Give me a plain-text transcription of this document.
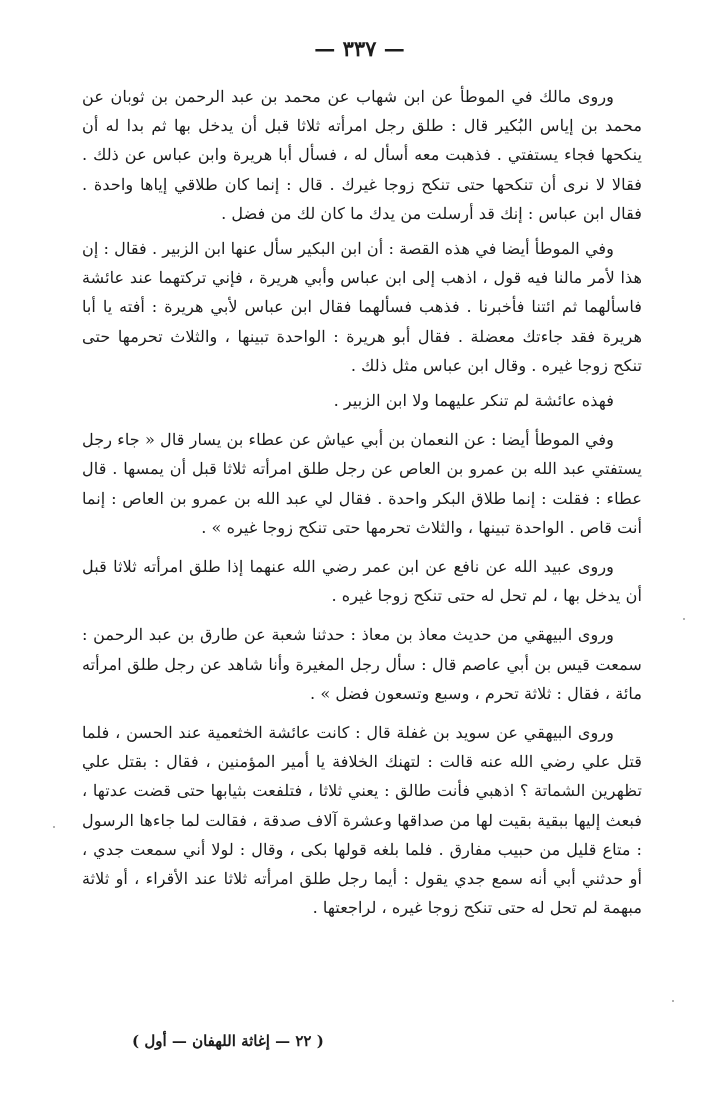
— ٣٣٧ —

وروى مالك في الموطأ عن ابن شهاب عن محمد بن عبد الرحمن بن ثوبان عن محمد بن إياس البُكير قال : طلق رجل امرأته ثلاثا قبل أن يدخل بها ثم بدا له أن ينكحها فجاء يستفتي . فذهبت معه أسأل له ، فسأل أبا هريرة وابن عباس عن ذلك . فقالا لا نرى أن تنكحها حتى تنكح زوجا غيرك . قال : إنما كان طلاقي إياها واحدة . فقال ابن عباس : إنك قد أرسلت من يدك ما كان لك من فضل .

وفي الموطأ أيضا في هذه القصة : أن ابن البكير سأل عنها ابن الزبير . فقال : إن هذا لأمر مالنا فيه قول ، اذهب إلى ابن عباس وأبي هريرة ، فإني تركتهما عند عائشة فاسألهما ثم ائتنا فأخبرنا . فذهب فسألهما فقال ابن عباس لأبي هريرة : أفته يا أبا هريرة فقد جاءتك معضلة . فقال أبو هريرة : الواحدة تبينها ، والثلاث تحرمها حتى تنكح زوجا غيره . وقال ابن عباس مثل ذلك .

فهذه عائشة لم تنكر عليهما ولا ابن الزبير .

وفي الموطأ أيضا : عن النعمان بن أبي عياش عن عطاء بن يسار قال « جاء رجل يستفتي عبد الله بن عمرو بن العاص عن رجل طلق امرأته ثلاثا قبل أن يمسها . قال عطاء : فقلت : إنما طلاق البكر واحدة . فقال لي عبد الله بن عمرو بن العاص : إنما أنت قاص . الواحدة تبينها ، والثلاث تحرمها حتى تنكح زوجا غيره » .

وروى عبيد الله عن نافع عن ابن عمر رضي الله عنهما إذا طلق امرأته ثلاثا قبل أن يدخل بها ، لم تحل له حتى تنكح زوجا غيره .

وروى البيهقي من حديث معاذ بن معاذ : حدثنا شعبة عن طارق بن عبد الرحمن : سمعت قيس بن أبي عاصم قال : سأل رجل المغيرة وأنا شاهد عن رجل طلق امرأته مائة ، فقال : ثلاثة تحرم ، وسبع وتسعون فضل » .

وروى البيهقي عن سويد بن غفلة قال : كانت عائشة الخثعمية عند الحسن ، فلما قتل علي رضي الله عنه قالت : لتهنك الخلافة يا أمير المؤمنين ، فقال : بقتل علي تظهرين الشماتة ؟ اذهبي فأنت طالق : يعني ثلاثا ، فتلفعت بثيابها حتى قضت عدتها ، فبعث إليها ببقية بقيت لها من صداقها وعشرة آلاف صدقة ، فقالت لما جاءها الرسول : متاع قليل من حبيب مفارق . فلما بلغه قولها بكى ، وقال : لولا أني سمعت جدي ، أو حدثني أبي أنه سمع جدي يقول : أيما رجل طلق امرأته ثلاثا عند الأقراء ، أو ثلاثة مبهمة لم تحل له حتى تنكح زوجا غيره ، لراجعتها .

( ٢٢ — إغاثة اللهفان — أول )
